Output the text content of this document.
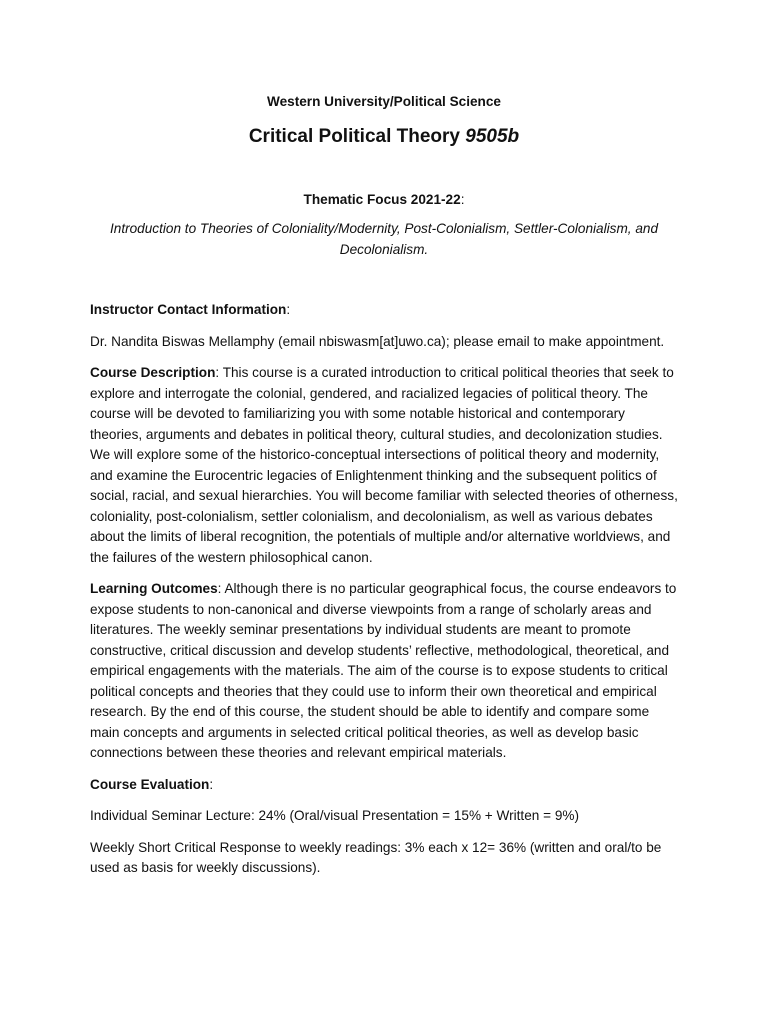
Western University/Political Science

Critical Political Theory 9505b

Thematic Focus 2021-22:

Introduction to Theories of Coloniality/Modernity, Post-Colonialism, Settler-Colonialism, and Decolonialism.

Instructor Contact Information:

Dr. Nandita Biswas Mellamphy (email nbiswasm[at]uwo.ca); please email to make appointment.

Course Description: This course is a curated introduction to critical political theories that seek to explore and interrogate the colonial, gendered, and racialized legacies of political theory. The course will be devoted to familiarizing you with some notable historical and contemporary theories, arguments and debates in political theory, cultural studies, and decolonization studies. We will explore some of the historico-conceptual intersections of political theory and modernity, and examine the Eurocentric legacies of Enlightenment thinking and the subsequent politics of social, racial, and sexual hierarchies. You will become familiar with selected theories of otherness, coloniality, post-colonialism, settler colonialism, and decolonialism, as well as various debates about the limits of liberal recognition, the potentials of multiple and/or alternative worldviews, and the failures of the western philosophical canon.

Learning Outcomes: Although there is no particular geographical focus, the course endeavors to expose students to non-canonical and diverse viewpoints from a range of scholarly areas and literatures. The weekly seminar presentations by individual students are meant to promote constructive, critical discussion and develop students’ reflective, methodological, theoretical, and empirical engagements with the materials. The aim of the course is to expose students to critical political concepts and theories that they could use to inform their own theoretical and empirical research. By the end of this course, the student should be able to identify and compare some main concepts and arguments in selected critical political theories, as well as develop basic connections between these theories and relevant empirical materials.

Course Evaluation:

Individual Seminar Lecture: 24% (Oral/visual Presentation = 15% + Written = 9%)

Weekly Short Critical Response to weekly readings: 3% each x 12= 36% (written and oral/to be used as basis for weekly discussions).
